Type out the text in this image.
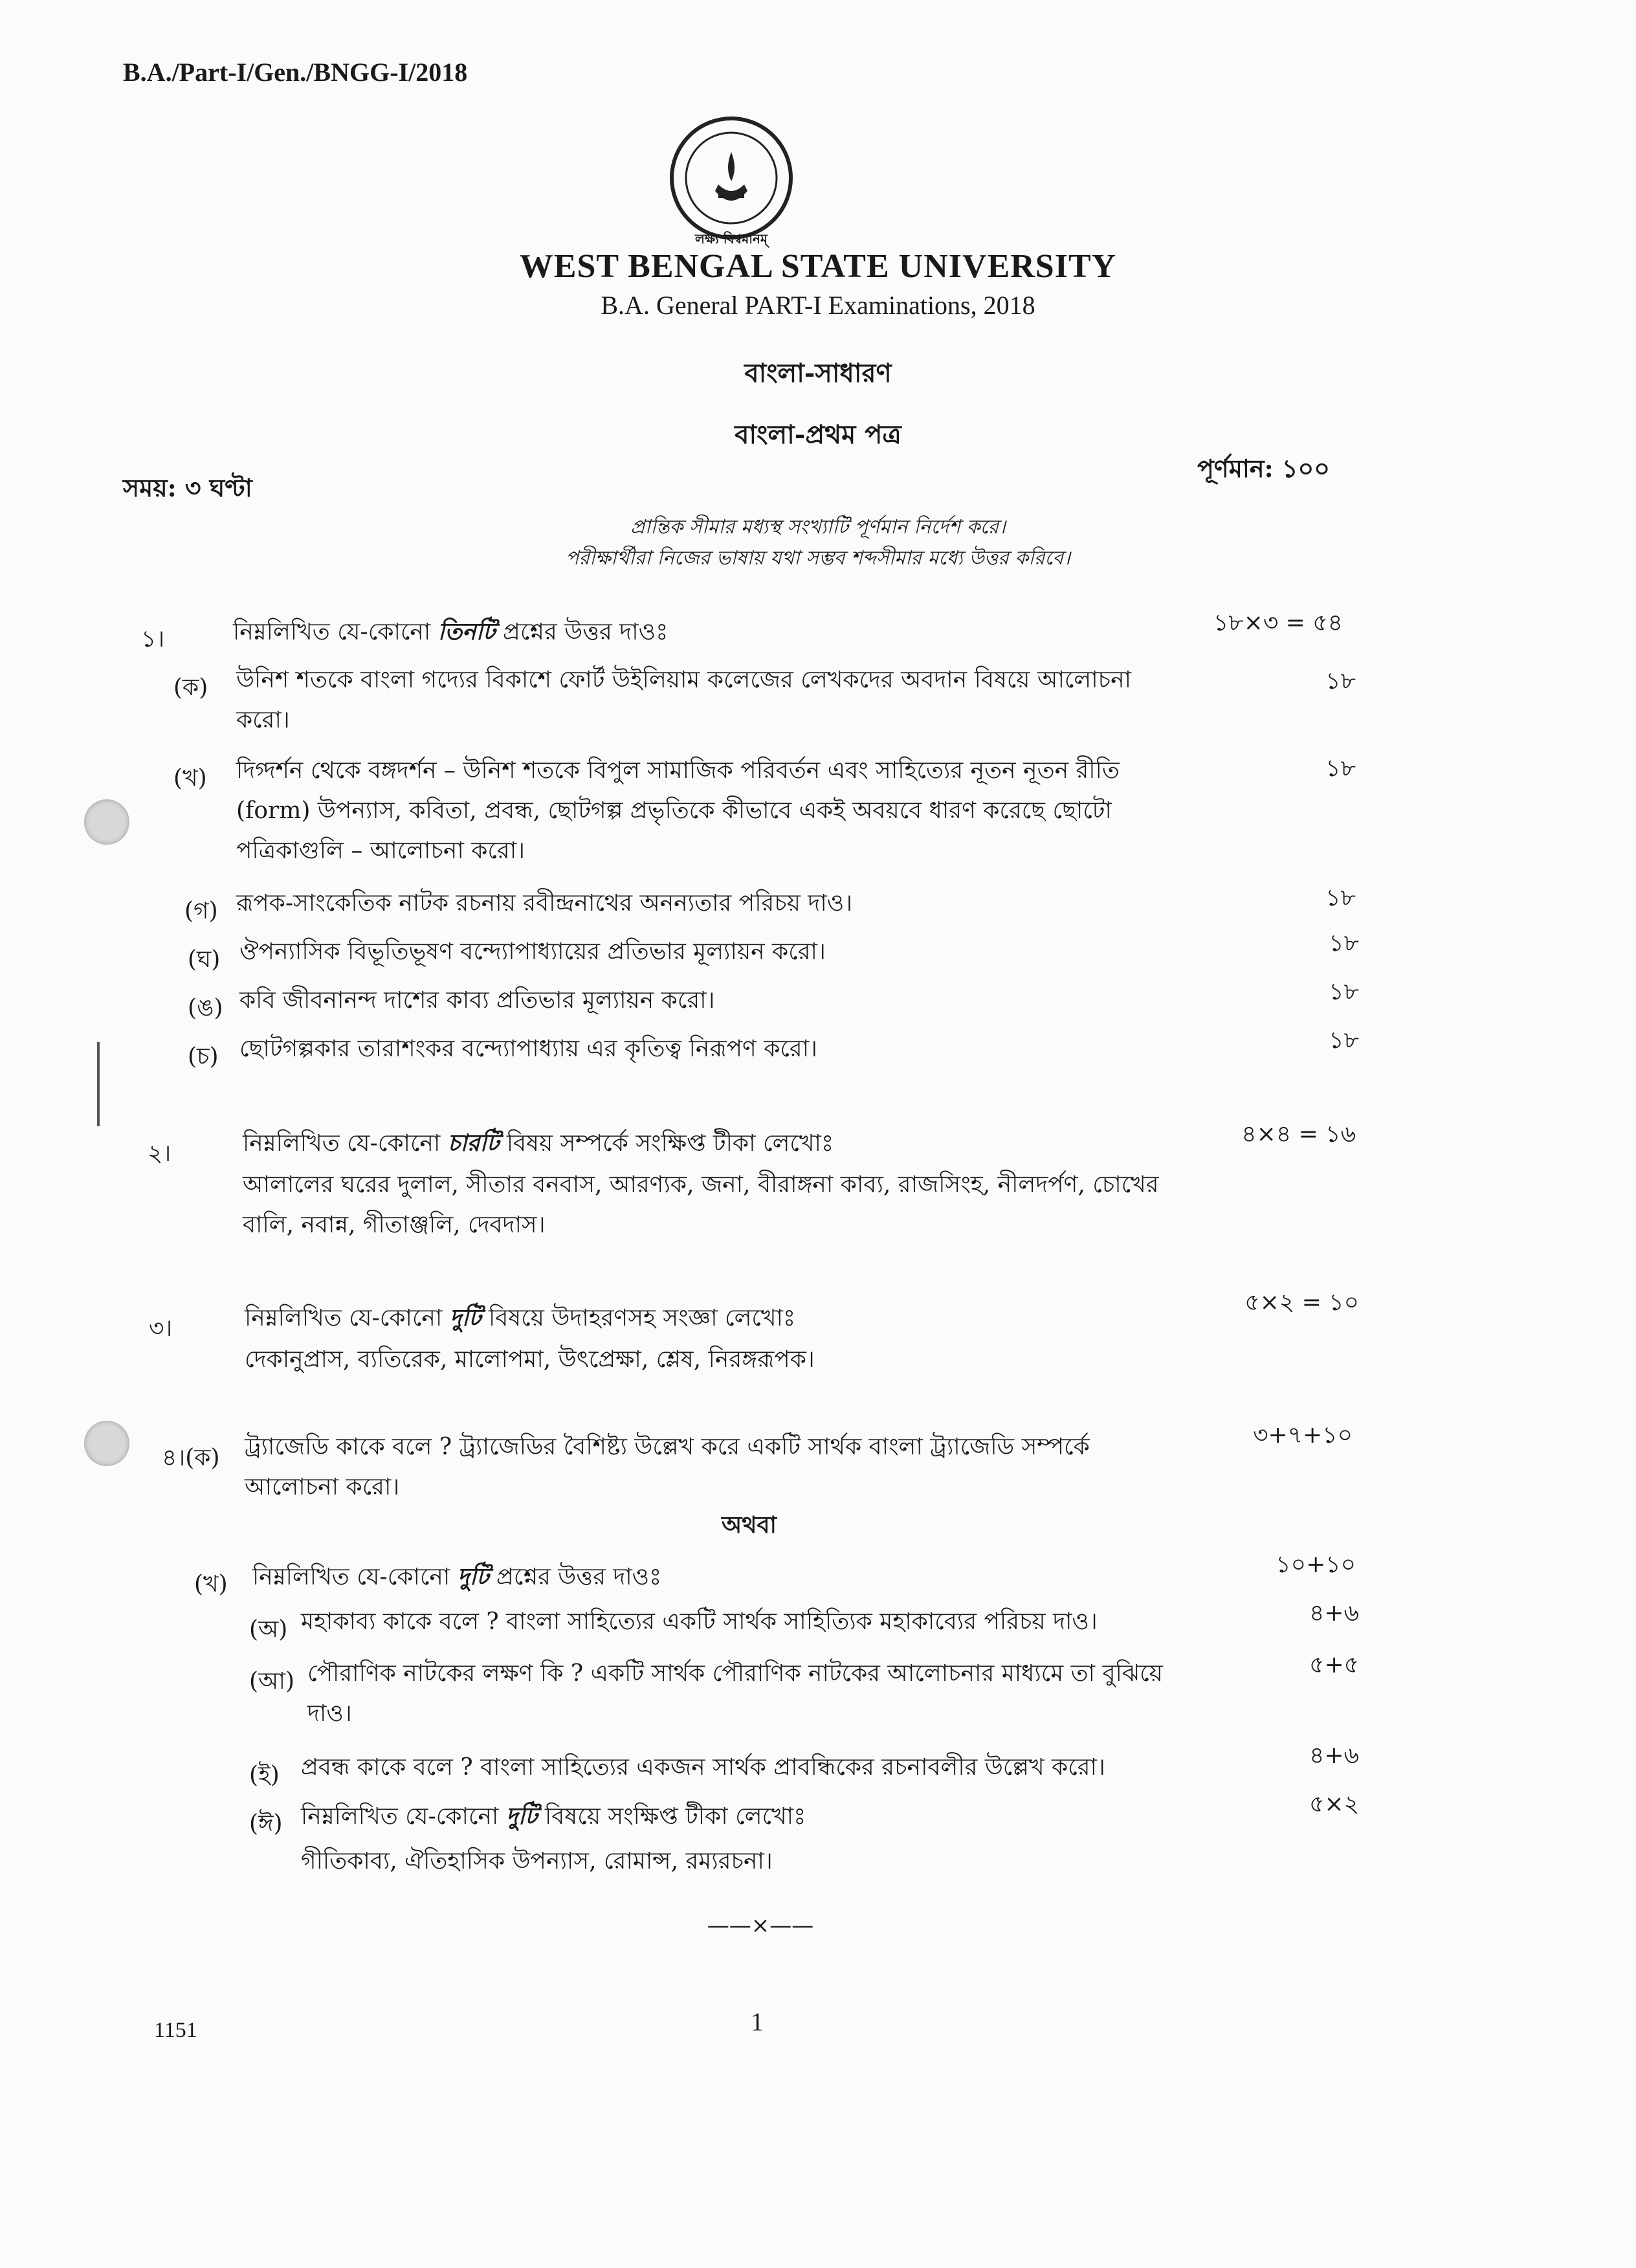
B.A./Part-I/Gen./BNGG-I/2018
লক্ষ্য বিশ্বমানম্
WEST BENGAL STATE UNIVERSITY
B.A. General PART-I Examinations, 2018
বাংলা-সাধারণ
বাংলা-প্রথম পত্র
সময়: ৩ ঘণ্টা
পূর্ণমান: ১০০
প্রান্তিক সীমার মধ্যস্থ সংখ্যাটি পূর্ণমান নির্দেশ করে।
পরীক্ষার্থীরা নিজের ভাষায় যথা সম্ভব শব্দসীমার মধ্যে উত্তর করিবে।
১।	নিম্নলিখিত যে-কোনো তিনটি প্রশ্নের উত্তর দাওঃ	১৮×৩ = ৫৪
(ক) উনিশ শতকে বাংলা গদ্যের বিকাশে ফোর্ট উইলিয়াম কলেজের লেখকদের অবদান বিষয়ে আলোচনা করো।
১৮
(খ) দিগ্দর্শন থেকে বঙ্গদর্শন – উনিশ শতকে বিপুল সামাজিক পরিবর্তন এবং সাহিত্যের নূতন নূতন রীতি (form) উপন্যাস, কবিতা, প্রবন্ধ, ছোটগল্প প্রভৃতিকে কীভাবে একই অবয়বে ধারণ করেছে ছোটো পত্রিকাগুলি – আলোচনা করো।
১৮
(গ) রূপক-সাংকেতিক নাটক রচনায় রবীন্দ্রনাথের অনন্যতার পরিচয় দাও।	১৮
(ঘ) ঔপন্যাসিক বিভূতিভূষণ বন্দ্যোপাধ্যায়ের প্রতিভার মূল্যায়ন করো।	১৮
(ঙ) কবি জীবনানন্দ দাশের কাব্য প্রতিভার মূল্যায়ন করো।	১৮
(চ) ছোটগল্পকার তারাশংকর বন্দ্যোপাধ্যায় এর কৃতিত্ব নিরূপণ করো।	১৮
২।	নিম্নলিখিত যে-কোনো চারটি বিষয় সম্পর্কে সংক্ষিপ্ত টীকা লেখোঃ	৪×৪ = ১৬
আলালের ঘরের দুলাল, সীতার বনবাস, আরণ্যক, জনা, বীরাঙ্গনা কাব্য, রাজসিংহ, নীলদর্পণ, চোখের বালি, নবান্ন, গীতাঞ্জলি, দেবদাস।
৩।	নিম্নলিখিত যে-কোনো দুটি বিষয়ে উদাহরণসহ সংজ্ঞা লেখোঃ
৫×২ = ১০
দেকানুপ্রাস, ব্যতিরেক, মালোপমা, উৎপ্রেক্ষা, শ্লেষ, নিরঙ্গরূপক।
৪।(ক) ট্র্যাজেডি কাকে বলে ? ট্র্যাজেডির বৈশিষ্ট্য উল্লেখ করে একটি সার্থক বাংলা ট্র্যাজেডি সম্পর্কে আলোচনা করো।
৩+৭+১০
অথবা
(খ) নিম্নলিখিত যে-কোনো দুটি প্রশ্নের উত্তর দাওঃ	১০+১০
(অ) মহাকাব্য কাকে বলে ? বাংলা সাহিত্যের একটি সার্থক সাহিত্যিক মহাকাব্যের পরিচয় দাও।	৪+৬
(আ) পৌরাণিক নাটকের লক্ষণ কি ? একটি সার্থক পৌরাণিক নাটকের আলোচনার মাধ্যমে তা বুঝিয়ে দাও।
৫+৫
(ই) প্রবন্ধ কাকে বলে ? বাংলা সাহিত্যের একজন সার্থক প্রাবন্ধিকের রচনাবলীর উল্লেখ করো।	৪+৬
(ঈ) নিম্নলিখিত যে-কোনো দুটি বিষয়ে সংক্ষিপ্ত টীকা লেখোঃ	৫×২
গীতিকাব্য, ঐতিহাসিক উপন্যাস, রোমান্স, রম্যরচনা।
——×——
1151	1
